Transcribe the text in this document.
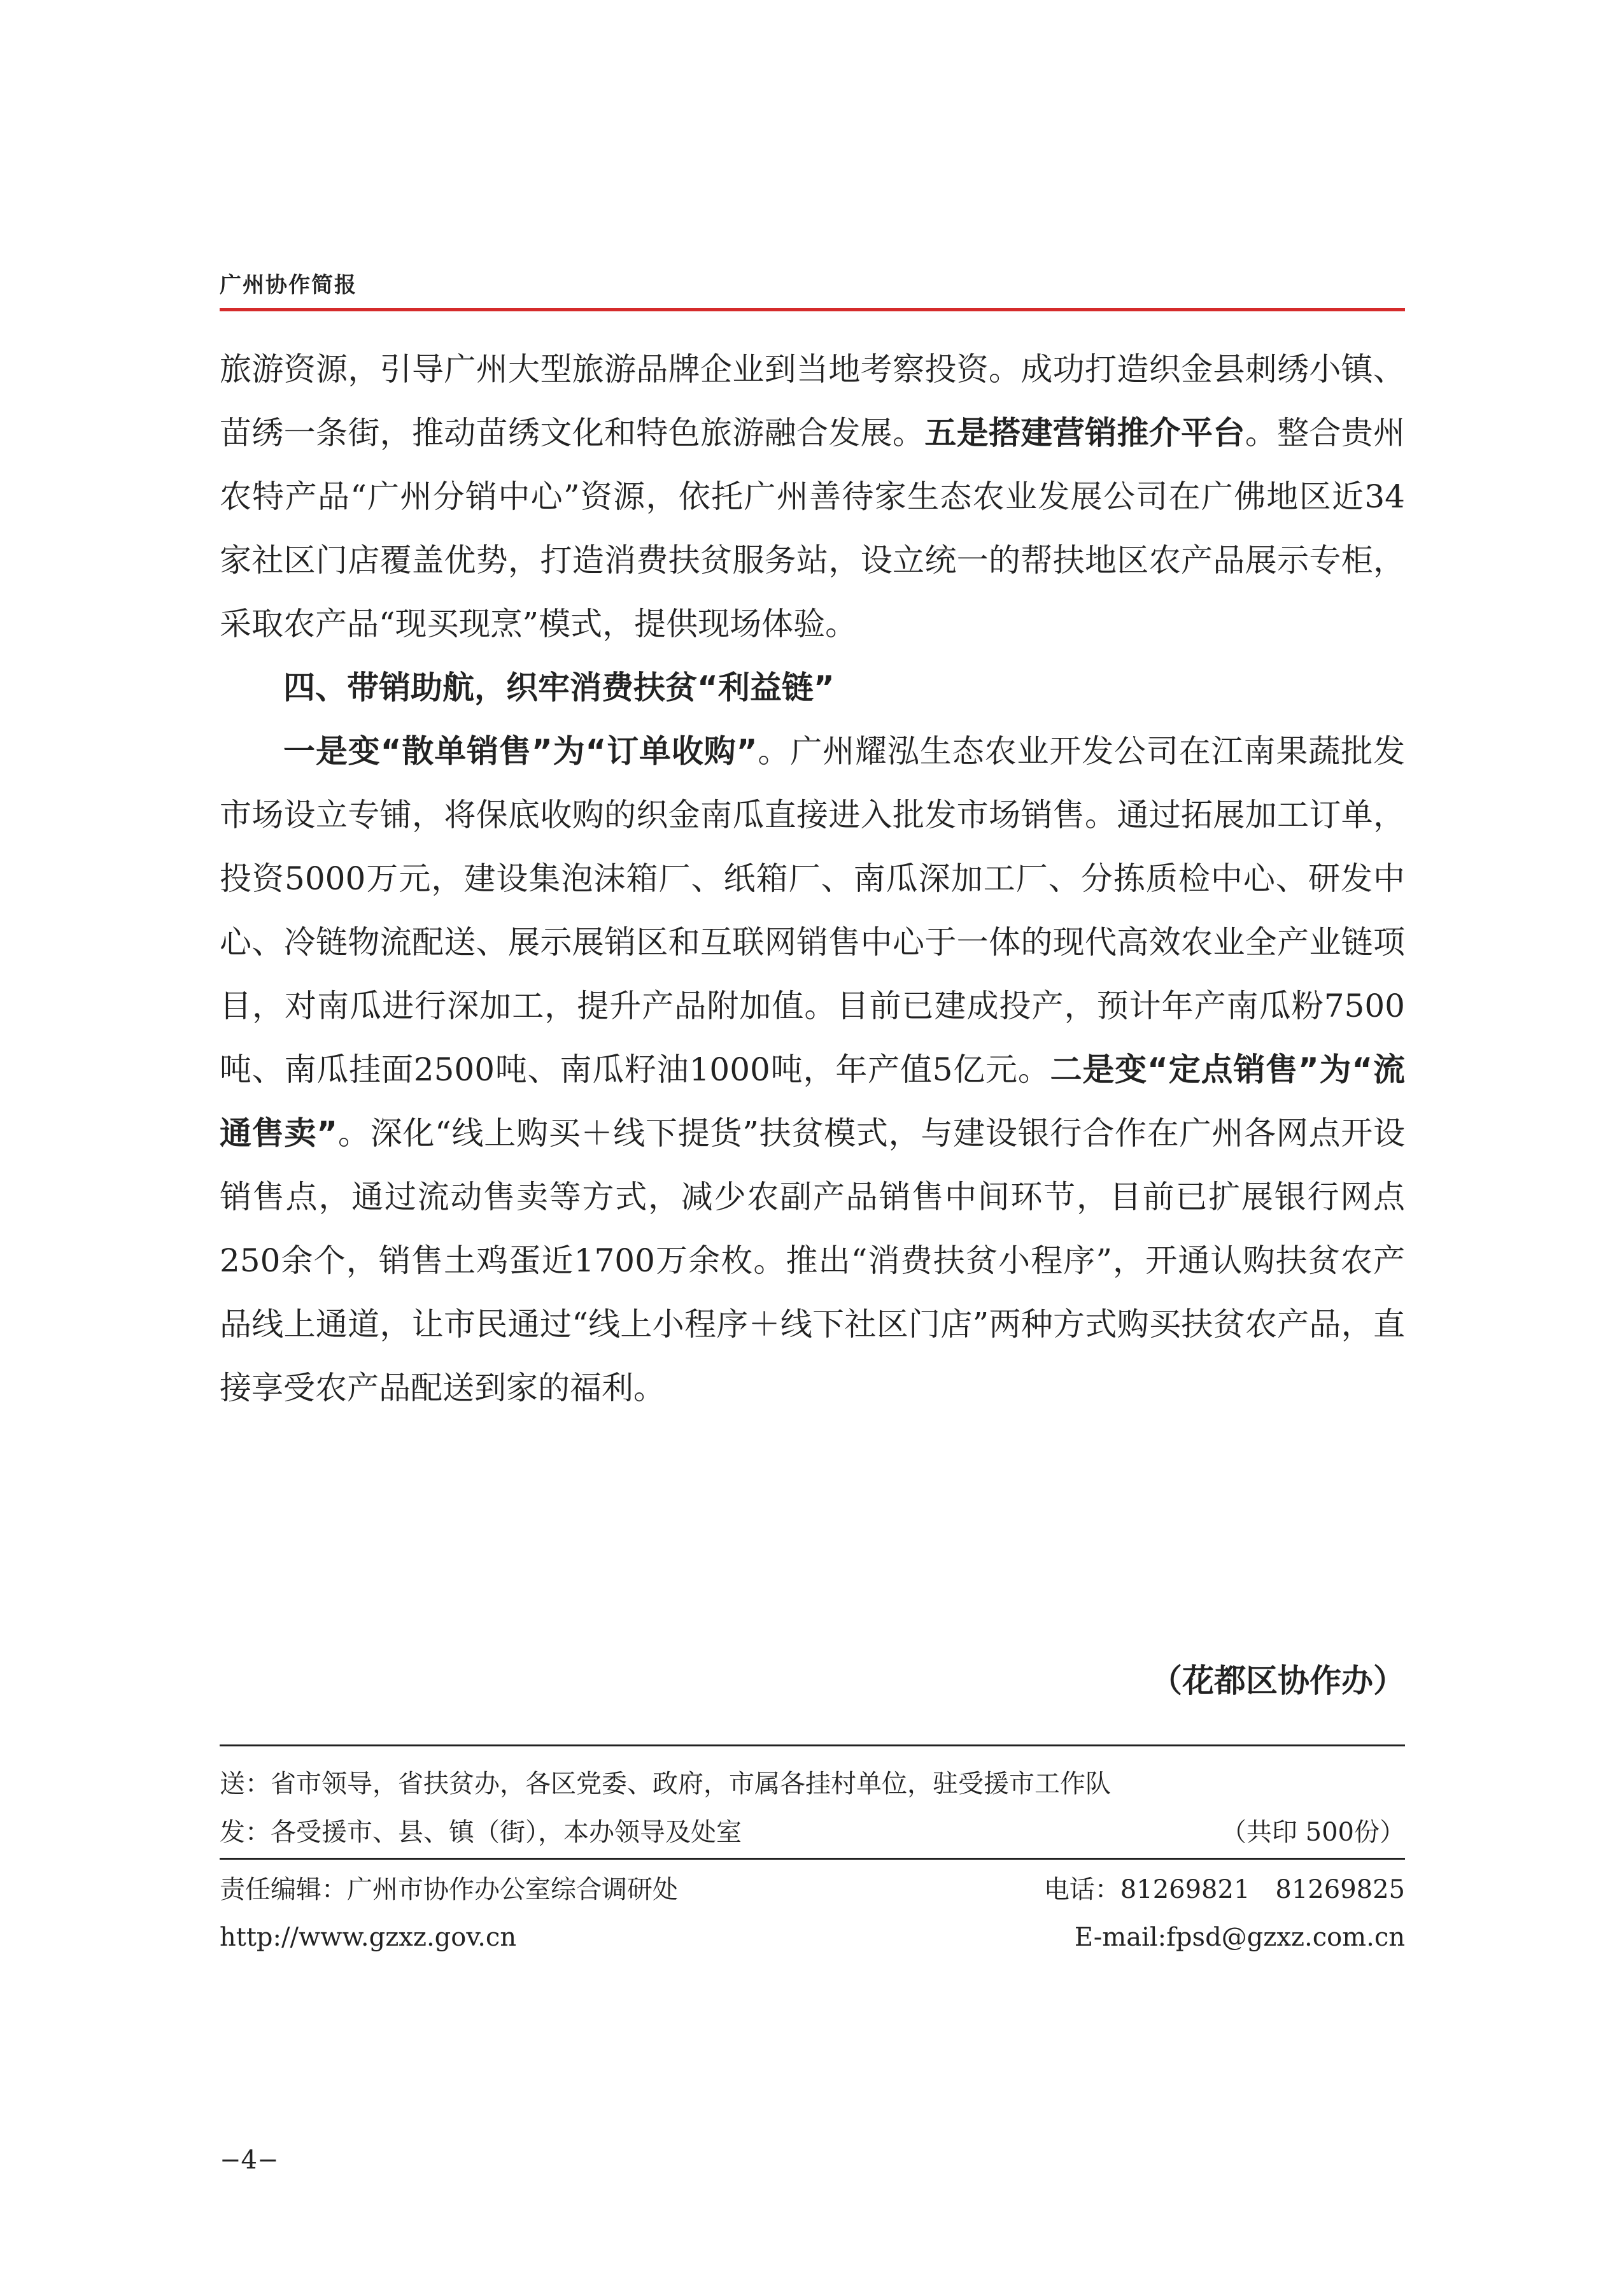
广州协作简报

旅游资源，引导广州大型旅游品牌企业到当地考察投资。成功打造织金县刺绣小镇、苗绣一条街，推动苗绣文化和特色旅游融合发展。五是搭建营销推介平台。整合贵州农特产品“广州分销中心”资源，依托广州善待家生态农业发展公司在广佛地区近34家社区门店覆盖优势，打造消费扶贫服务站，设立统一的帮扶地区农产品展示专柜，采取农产品“现买现烹”模式，提供现场体验。

四、带销助航，织牢消费扶贫“利益链”

一是变“散单销售”为“订单收购”。广州耀泓生态农业开发公司在江南果蔬批发市场设立专铺，将保底收购的织金南瓜直接进入批发市场销售。通过拓展加工订单，投资5000万元，建设集泡沫箱厂、纸箱厂、南瓜深加工厂、分拣质检中心、研发中心、冷链物流配送、展示展销区和互联网销售中心于一体的现代高效农业全产业链项目，对南瓜进行深加工，提升产品附加值。目前已建成投产，预计年产南瓜粉7500吨、南瓜挂面2500吨、南瓜籽油1000吨，年产值5亿元。二是变“定点销售”为“流通售卖”。深化“线上购买＋线下提货”扶贫模式，与建设银行合作在广州各网点开设销售点，通过流动售卖等方式，减少农副产品销售中间环节，目前已扩展银行网点250余个，销售土鸡蛋近1700万余枚。推出“消费扶贫小程序”，开通认购扶贫农产品线上通道，让市民通过“线上小程序＋线下社区门店”两种方式购买扶贫农产品，直接享受农产品配送到家的福利。

（花都区协作办）
送：省市领导，省扶贫办，各区党委、政府，市属各挂村单位，驻受援市工作队
发：各受援市、县、镇（街），本办领导及处室	（共印 500份）
责任编辑：广州市协作办公室综合调研处	电话：81269821　81269825
http://www.gzxz.gov.cn	E-mail:fpsd@gzxz.com.cn
−4−
